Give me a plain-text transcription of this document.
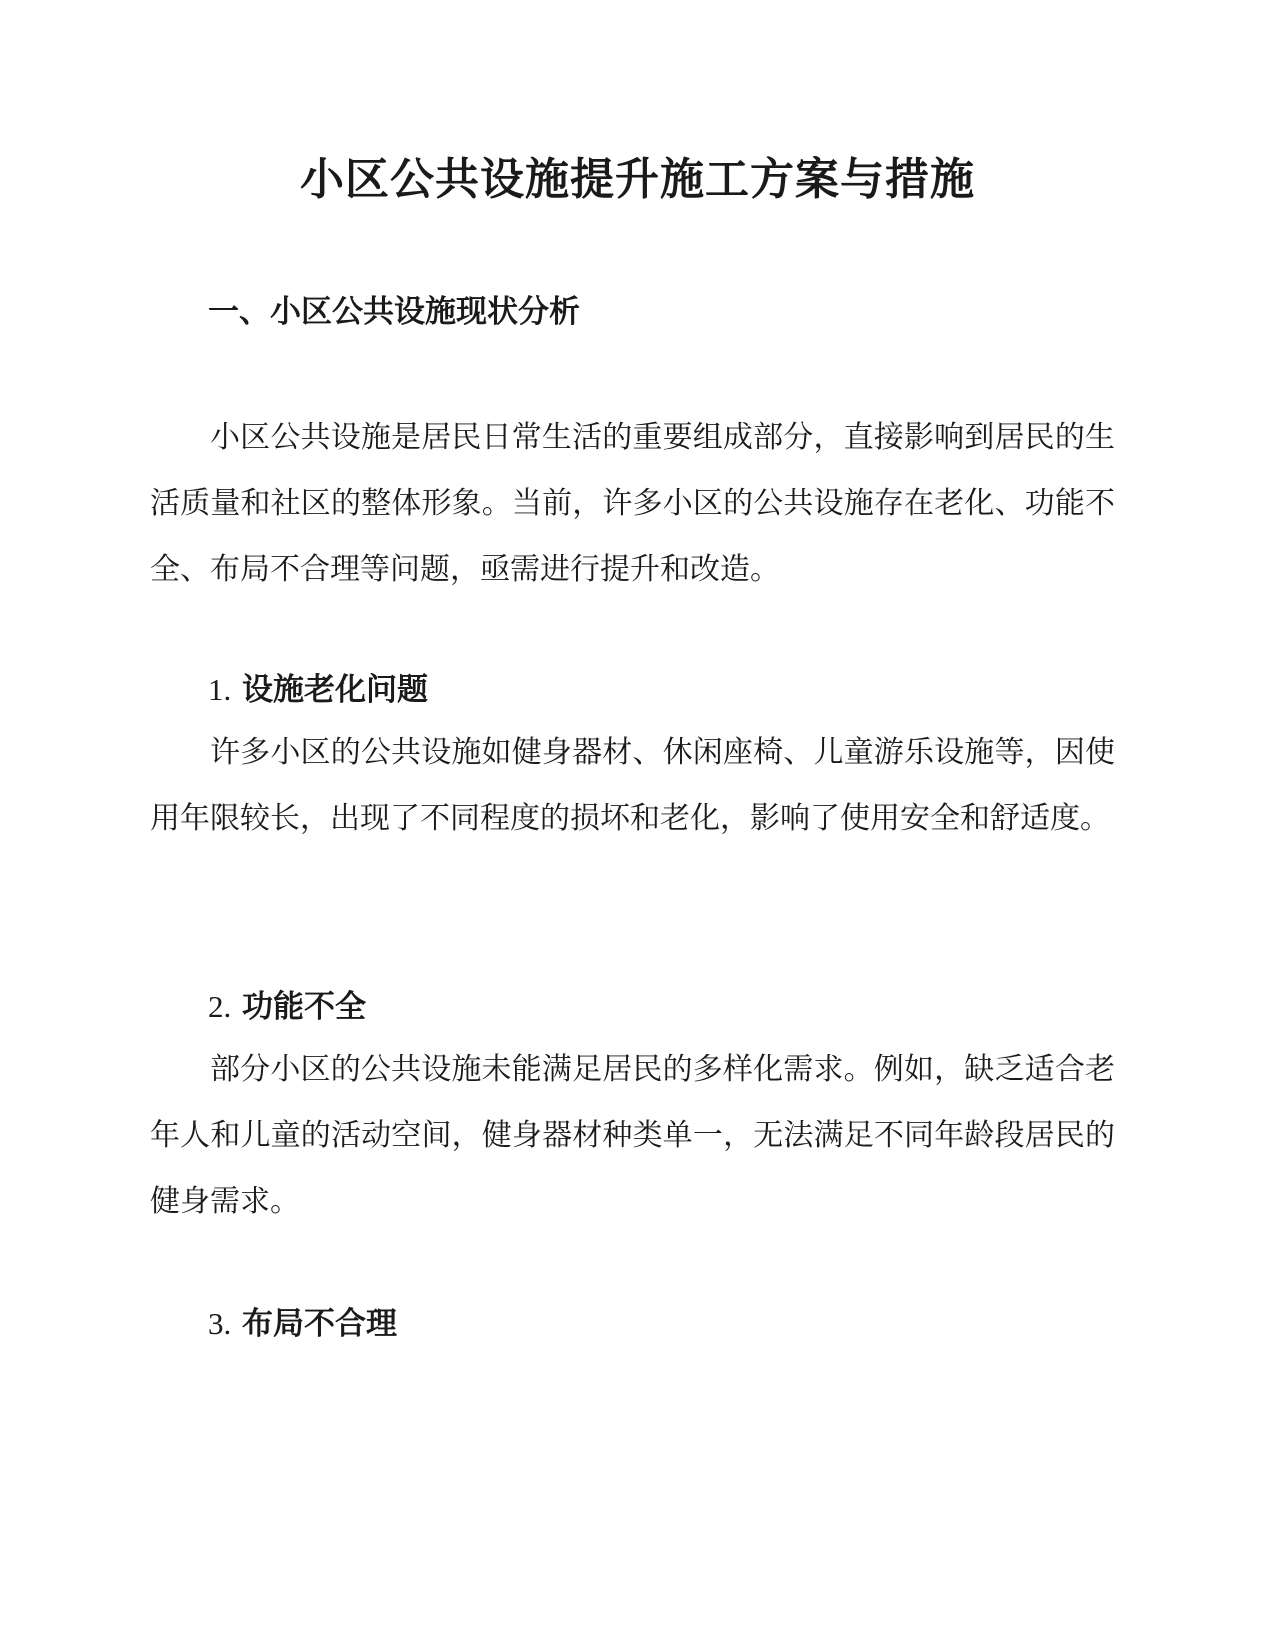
小区公共设施提升施工方案与措施
一、小区公共设施现状分析

小区公共设施是居民日常生活的重要组成部分，直接影响到居民的生活质量和社区的整体形象。当前，许多小区的公共设施存在老化、功能不全、布局不合理等问题，亟需进行提升和改造。

1. 设施老化问题

许多小区的公共设施如健身器材、休闲座椅、儿童游乐设施等，因使用年限较长，出现了不同程度的损坏和老化，影响了使用安全和舒适度。

2. 功能不全

部分小区的公共设施未能满足居民的多样化需求。例如，缺乏适合老年人和儿童的活动空间，健身器材种类单一，无法满足不同年龄段居民的健身需求。

3. 布局不合理
